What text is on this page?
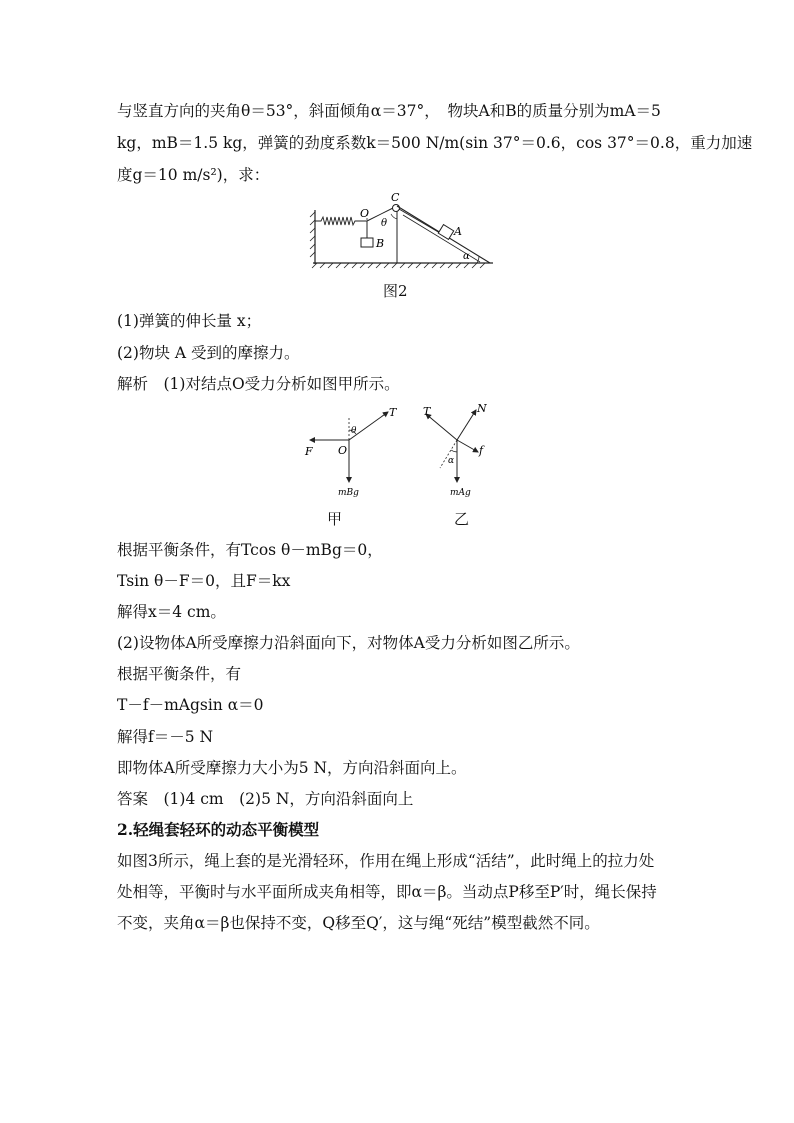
与竖直方向的夹角θ＝53°，斜面倾角α＝37°，　物块A和B的质量分别为mA＝5
kg，mB＝1.5 kg，弹簧的劲度系数k＝500 N/m(sin 37°＝0.6，cos 37°＝0.8，重力加速
度g＝10 m/s²)，求：
O
C
θ
A
B
α
图2
(1)弹簧的伸长量 x；
(2)物块 A 受到的摩擦力。
解析　(1)对结点O受力分析如图甲所示。
T
θ
F O
mBg
T	N
f
α
mAg
甲	乙
根据平衡条件，有Tcos θ－mBg＝0，
Tsin θ－F＝0，且F＝kx
解得x＝4 cm。
(2)设物体A所受摩擦力沿斜面向下，对物体A受力分析如图乙所示。
根据平衡条件，有
T－f－mAgsin α＝0
解得f＝－5 N
即物体A所受摩擦力大小为5 N，方向沿斜面向上。
答案　(1)4 cm　(2)5 N，方向沿斜面向上
2.轻绳套轻环的动态平衡模型
如图3所示，绳上套的是光滑轻环，作用在绳上形成“活结”，此时绳上的拉力处
处相等，平衡时与水平面所成夹角相等，即α＝β。当动点P移至P′时，绳长保持
不变，夹角α＝β也保持不变，Q移至Q′，这与绳“死结”模型截然不同。
